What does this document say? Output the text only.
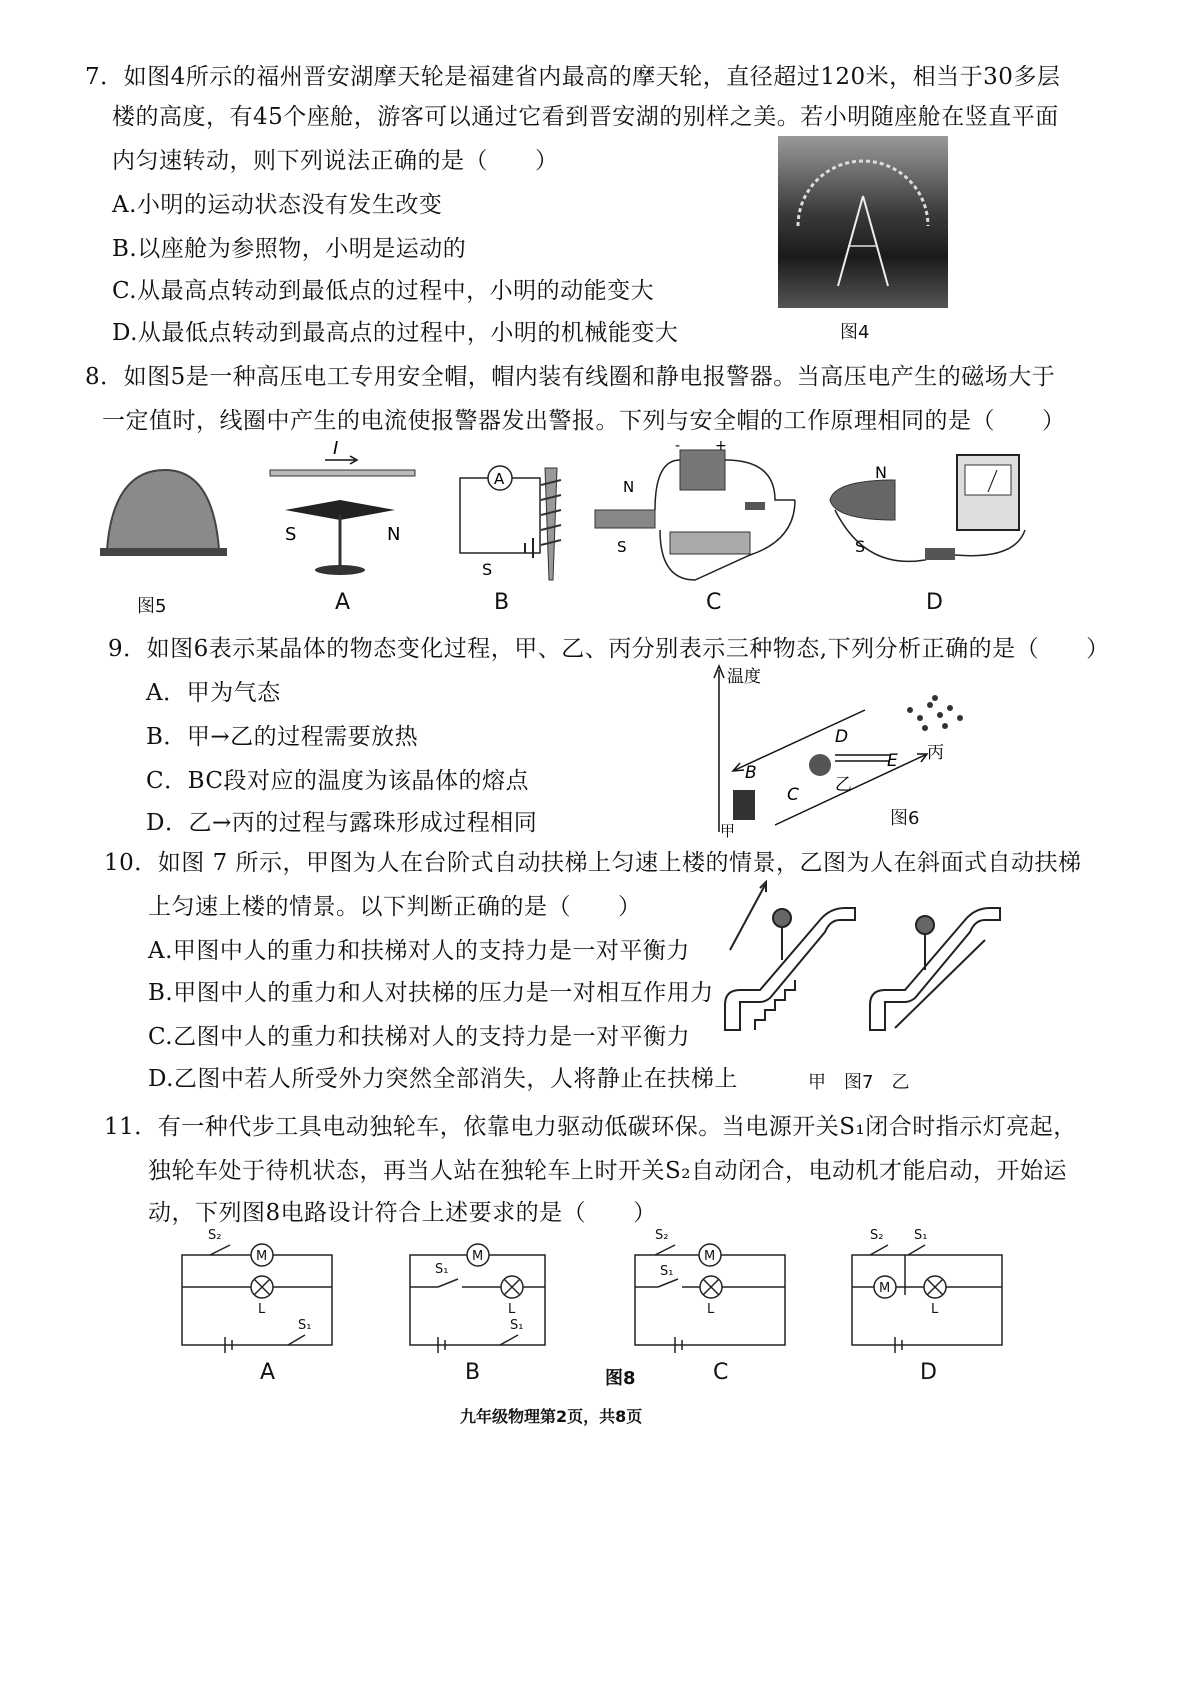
7．如图4所示的福州晋安湖摩天轮是福建省内最高的摩天轮，直径超过120米，相当于30多层
楼的高度，有45个座舱，游客可以通过它看到晋安湖的别样之美。若小明随座舱在竖直平面
内匀速转动，则下列说法正确的是（　　）
A.小明的运动状态没有发生改变
B.以座舱为参照物，小明是运动的
C.从最高点转动到最低点的过程中，小明的动能变大
D.从最低点转动到最高点的过程中，小明的机械能变大	图4
8．如图5是一种高压电工专用安全帽，帽内装有线圈和静电报警器。当高压电产生的磁场大于
一定值时，线圈中产生的电流使报警器发出警报。下列与安全帽的工作原理相同的是（　　）
I
S	N
A
S
- +
N
S
N
S
图5	A	B	C	D
9．如图6表示某晶体的物态变化过程，甲、乙、丙分别表示三种物态,下列分析正确的是（　　）
A．甲为气态
B．甲→乙的过程需要放热
C．BC段对应的温度为该晶体的熔点
D．乙→丙的过程与露珠形成过程相同
温度
B
C
D
E
甲
乙
丙
图6
10．如图 7 所示，甲图为人在台阶式自动扶梯上匀速上楼的情景，乙图为人在斜面式自动扶梯
上匀速上楼的情景。以下判断正确的是（　　）
A.甲图中人的重力和扶梯对人的支持力是一对平衡力
B.甲图中人的重力和人对扶梯的压力是一对相互作用力
C.乙图中人的重力和扶梯对人的支持力是一对平衡力
D.乙图中若人所受外力突然全部消失，人将静止在扶梯上	甲　图7　乙
11．有一种代步工具电动独轮车，依靠电力驱动低碳环保。当电源开关S₁闭合时指示灯亮起，
独轮车处于待机状态，再当人站在独轮车上时开关S₂自动闭合，电动机才能启动，开始运
动，下列图8电路设计符合上述要求的是（　　）
M
L
S₂
S₁
M
L
S₁
S₁
M
L
S₂
S₁
M
L
S₂ S₁
A	B	图8	C	D
九年级物理第2页，共8页
